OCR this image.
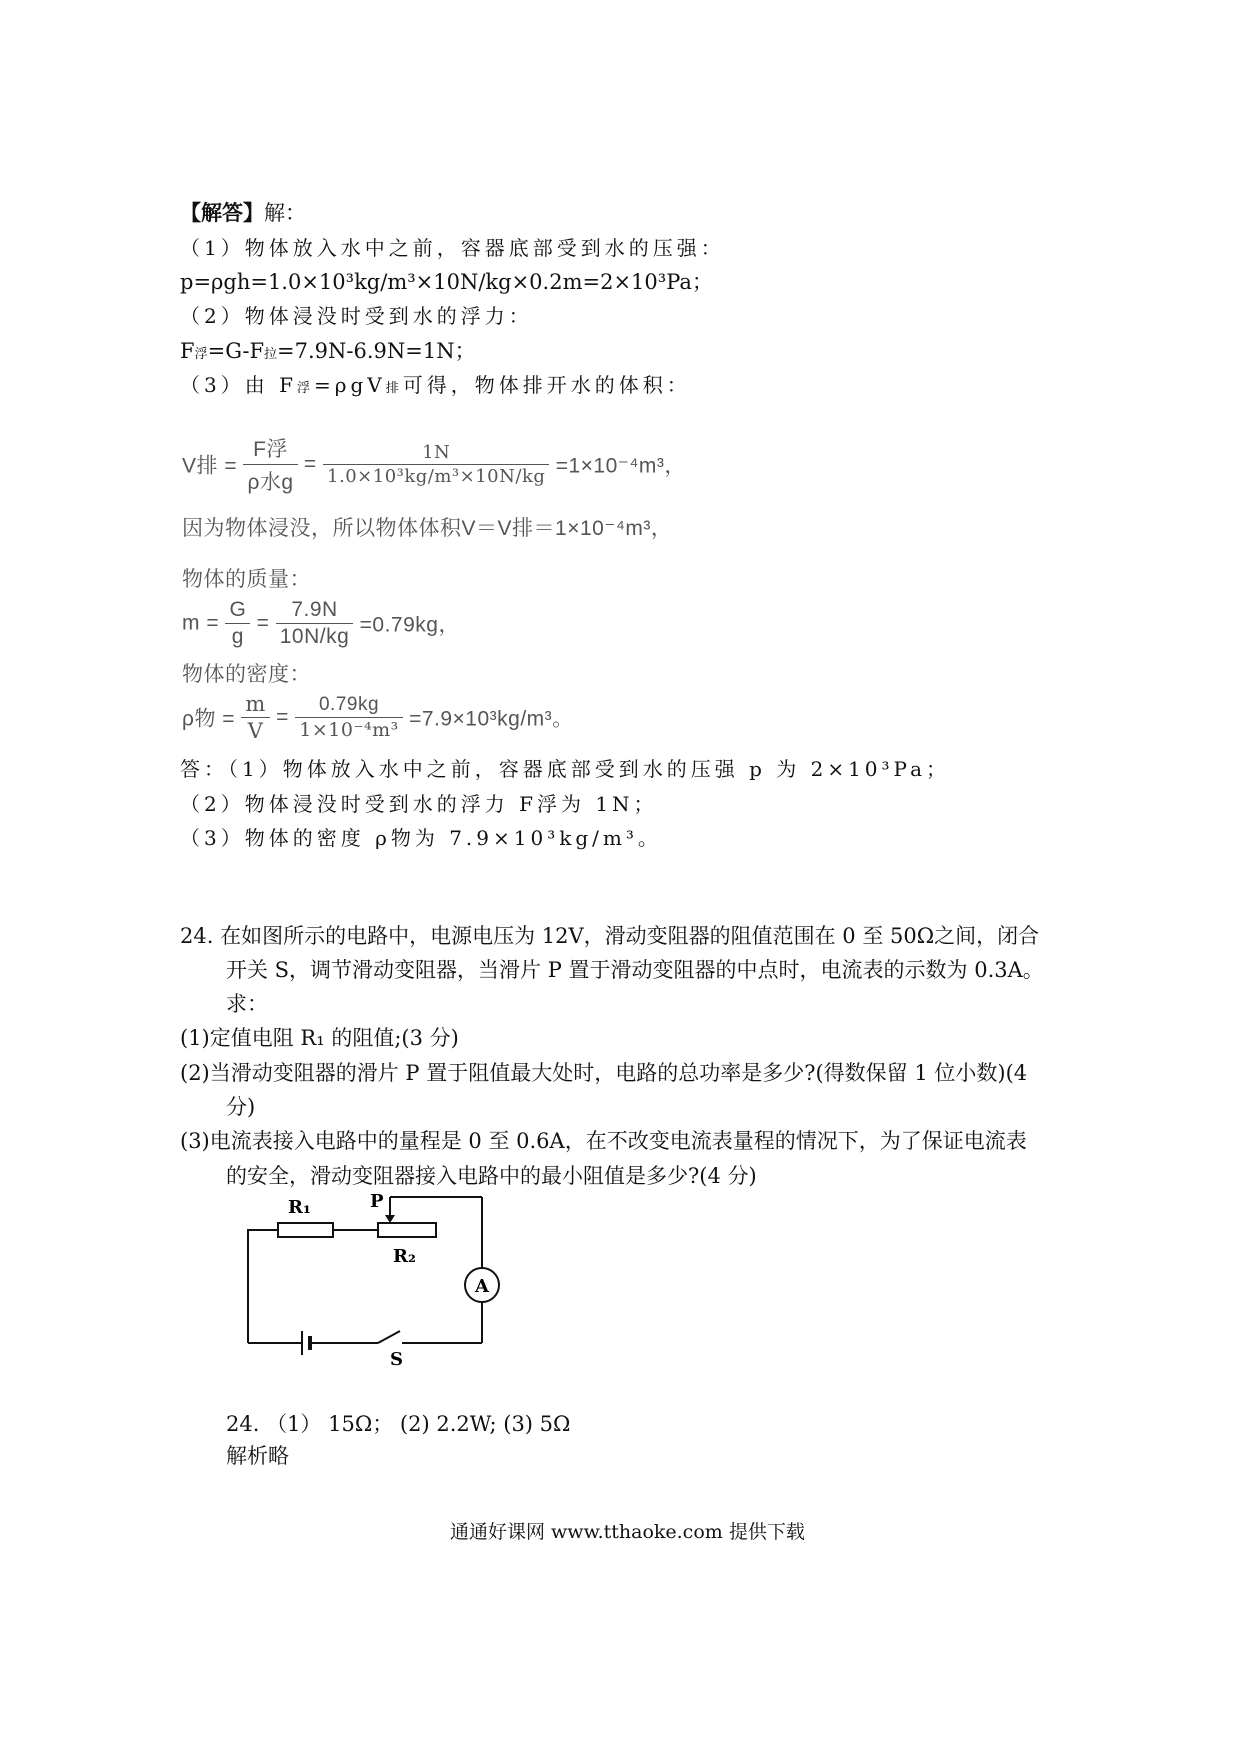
【解答】解：
（1）物体放入水中之前，容器底部受到水的压强：
p=ρgh=1.0×10³kg/m³×10N/kg×0.2m=2×10³Pa；
（2）物体浸没时受到水的浮力：
F浮=G-F拉=7.9N-6.9N=1N；
（3）由 F浮=ρgV排可得，物体排开水的体积：
V排 = $\frac{\text{F浮}}{\text{ρ水g}} = \frac{1N}{\text{1.0×10³kg/m³×10N/kg}} =1\times 10^{-4}m^3$，
因为物体浸没，所以物体体积V＝V排＝1×10⁻⁴m³，
物体的质量：
$m = \frac{G}{g} = \frac{7.9N}{10N/kg} =0.79kg$，
物体的密度：
ρ物 = $\frac{m}{V} = \frac{0.79kg}{\text{1×10⁻⁴m³}} =7.9\times 10^3kg/m^3$。
答：（1）物体放入水中之前，容器底部受到水的压强 p 为 2×10³Pa；
（2）物体浸没时受到水的浮力 F浮为 1N；
（3）物体的密度 ρ物为 7.9×10³kg/m³。
24. 在如图所示的电路中，电源电压为 12V，滑动变阻器的阻值范围在 0 至 50Ω之间，闭合
开关 S，调节滑动变阻器，当滑片 P 置于滑动变阻器的中点时，电流表的示数为 0.3A。
求：
(1)定值电阻 R₁ 的阻值;(3 分)
(2)当滑动变阻器的滑片 P 置于阻值最大处时，电路的总功率是多少?(得数保留 1 位小数)(4
分)
(3)电流表接入电路中的量程是 0 至 0.6A，在不改变电流表量程的情况下，为了保证电流表
的安全，滑动变阻器接入电路中的最小阻值是多少?(4 分)
R₁	P
R₂
A
S
24. （1） 15Ω； (2) 2.2W; (3) 5Ω
解析略
通通好课网 www.tthaoke.com 提供下载
